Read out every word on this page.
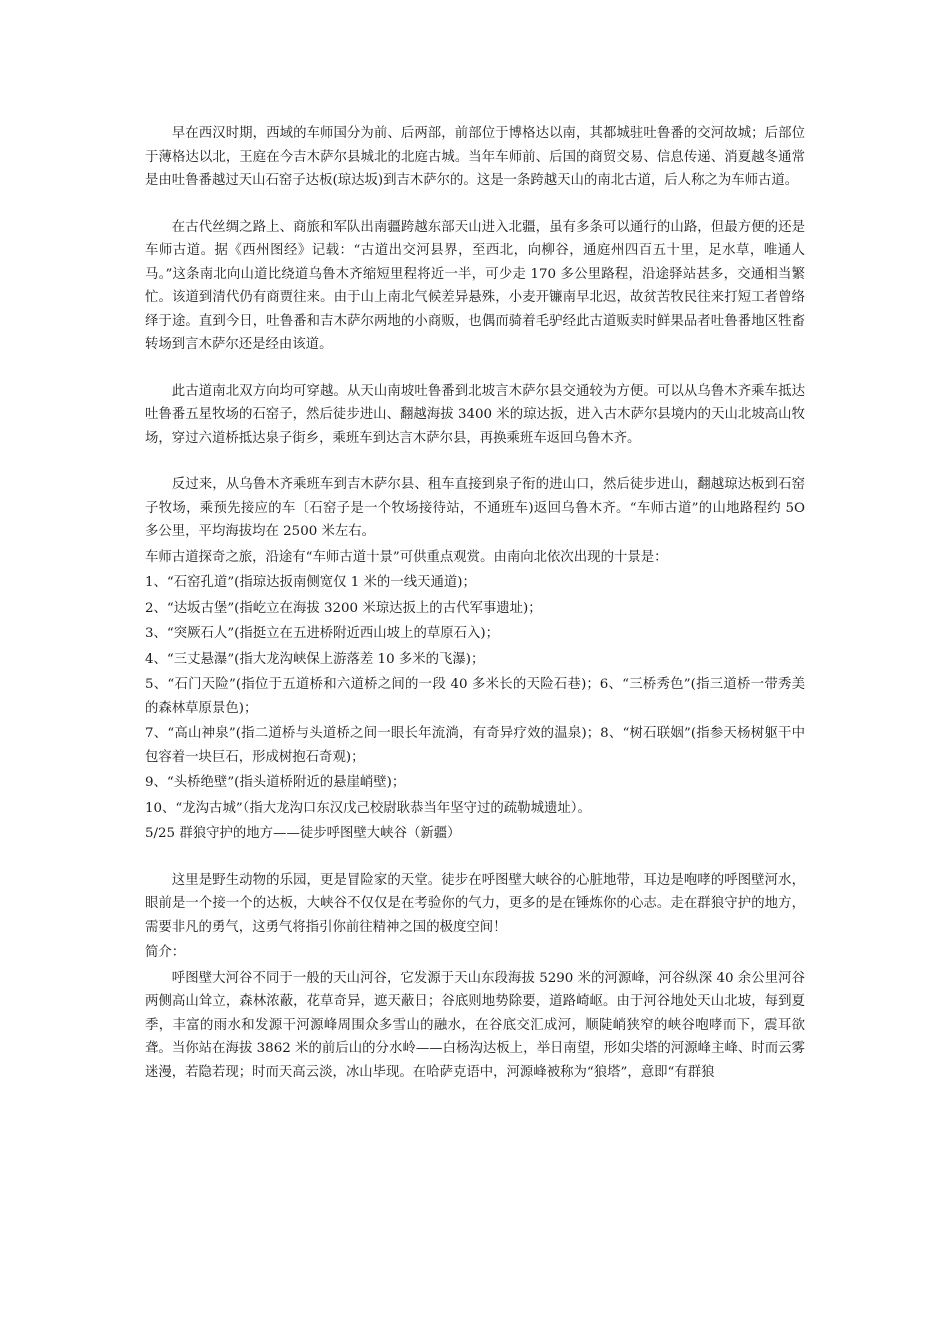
早在西汉时期，西域的车师国分为前、后两部，前部位于博格达以南，其都城驻吐鲁番的交河故城；后部位于薄格达以北，王庭在今吉木萨尔县城北的北庭古城。当年车师前、后国的商贸交易、信息传递、消夏越冬通常是由吐鲁番越过天山石窑子达板(琼达坂)到吉木萨尔的。这是一条跨越天山的南北古道，后人称之为车师古道。

在古代丝绸之路上、商旅和军队出南疆跨越东部天山进入北疆，虽有多条可以通行的山路，但最方便的还是车师古道。据《西州图经》记载：“古道出交河县界，至西北，向柳谷，通庭州四百五十里，足水草，唯通人马。”这条南北向山道比绕道乌鲁木齐缩短里程将近一半，可少走 170 多公里路程，沿途驿站甚多，交通相当繁忙。该道到清代仍有商贾往来。由于山上南北气候差异悬殊，小麦开镰南早北迟，故贫苦牧民往来打短工者曾络绎于途。直到今日，吐鲁番和吉木萨尔两地的小商贩，也偶而骑着毛驴经此古道贩卖时鲜果品者吐鲁番地区牲畜转场到言木萨尔还是经由该道。

此古道南北双方向均可穿越。从天山南坡吐鲁番到北坡言木萨尔县交通较为方便。可以从乌鲁木齐乘车抵达吐鲁番五星牧场的石窑子，然后徒步进山、翻越海拔 3400 米的琼达扳，进入古木萨尔县境内的天山北坡高山牧场，穿过六道桥抵达泉子街乡，乘班车到达言木萨尔县，再换乘班车返回乌鲁木齐。

反过来，从乌鲁木齐乘班车到吉木萨尔县、租车直接到泉子衔的进山口，然后徒步进山，翻越琼达板到石窑子牧场，乘预先接应的车〔石窑子是一个牧场接待站，不通班车)返回乌鲁木齐。“车师古道”的山地路程约 5O 多公里，平均海拔均在 2500 米左右。

车师古道探奇之旅，沿途有“车师古道十景”可供重点观赏。由南向北依次出现的十景是：

1、“石窑孔道”(指琼达扳南侧宽仅 1 米的一线天通道)；

2、“达坂古堡”(指屹立在海拔 3200 米琼达扳上的古代军事遗址)；

3、“突厥石人”(指挺立在五进桥附近西山坡上的草原石入)；

4、“三丈悬瀑”(指大龙沟峡保上游落差 10 多米的飞瀑)；

5、“石门天险”(指位于五道桥和六道桥之间的一段 40 多米长的天险石巷)；6、“三桥秀色”(指三道桥一带秀美的森林草原景色)；

7、“高山神泉”(指二道桥与头道桥之间一眼长年流淌，有奇异疗效的温泉)；8、“树石联姻”(指参天杨树躯干中包容着一块巨石，形成树抱石奇观)；

9、“头桥绝壁”(指头道桥附近的悬崖峭壁)；

10、“龙沟古城”（指大龙沟口东汉戊己校尉耿恭当年坚守过的疏勒城遗址）。

5/25 群狼守护的地方——徒步呼图壁大峡谷（新疆）

这里是野生动物的乐园，更是冒险家的天堂。徒步在呼图壁大峡谷的心脏地带，耳边是咆哮的呼图壁河水，眼前是一个接一个的达板，大峡谷不仅仅是在考验你的气力，更多的是在锤炼你的心志。走在群狼守护的地方，需要非凡的勇气，这勇气将指引你前往精神之国的极度空间！

简介：

呼图壁大河谷不同于一般的天山河谷，它发源于天山东段海拔 5290 米的河源峰，河谷纵深 40 余公里河谷两侧高山耸立，森林浓蔽，花草奇异，遮天蔽日；谷底则地势除要，道路崎岖。由于河谷地处天山北坡，每到夏季，丰富的雨水和发源干河源峰周围众多雪山的融水，在谷底交汇成河，顺陡峭狭窄的峡谷咆哮而下，震耳欲聋。当你站在海拔 3862 米的前后山的分水岭——白杨沟达板上，举日南望，形如尖塔的河源峰主峰、时而云雾迷漫，若隐若现；时而天高云淡，冰山毕现。在哈萨克语中，河源峰被称为“狼塔”，意即“有群狼
